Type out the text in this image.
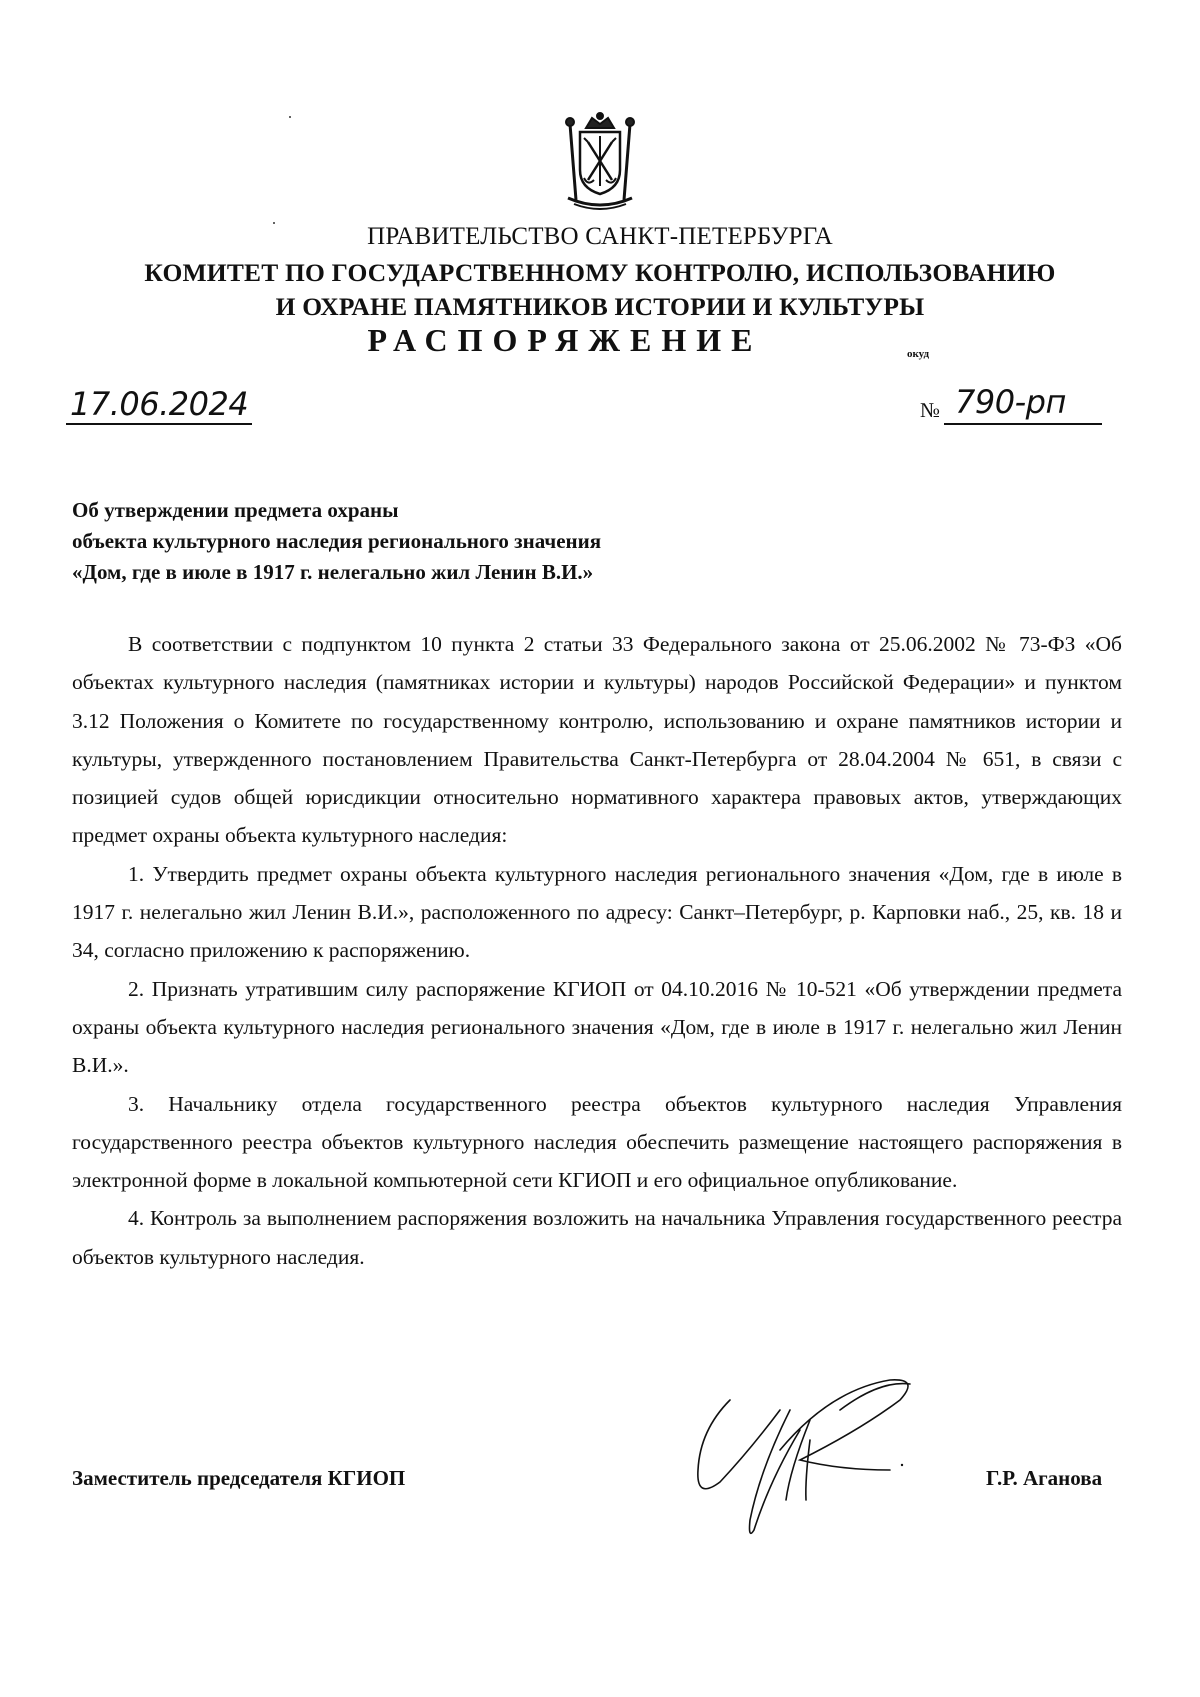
ПРАВИТЕЛЬСТВО САНКТ-ПЕТЕРБУРГА
КОМИТЕТ ПО ГОСУДАРСТВЕННОМУ КОНТРОЛЮ, ИСПОЛЬЗОВАНИЮ
И ОХРАНЕ ПАМЯТНИКОВ ИСТОРИИ И КУЛЬТУРЫ
РАСПОРЯЖЕНИЕ	окуд
17.06.2024	№ 790-рп
Об утверждении предмета охраны
объекта культурного наследия регионального значения
«Дом, где в июле в 1917 г. нелегально жил Ленин В.И.»

В соответствии с подпунктом 10 пункта 2 статьи 33 Федерального закона от 25.06.2002 № 73-ФЗ «Об объектах культурного наследия (памятниках истории и культуры) народов Российской Федерации» и пунктом 3.12 Положения о Комитете по государственному контролю, использованию и охране памятников истории и культуры, утвержденного постановлением Правительства Санкт-Петербурга от 28.04.2004 № 651, в связи с позицией судов общей юрисдикции относительно нормативного характера правовых актов, утверждающих предмет охраны объекта культурного наследия:

1. Утвердить предмет охраны объекта культурного наследия регионального значения «Дом, где в июле в 1917 г. нелегально жил Ленин В.И.», расположенного по адресу: Санкт–Петербург, р. Карповки наб., 25, кв. 18 и 34, согласно приложению к распоряжению.

2. Признать утратившим силу распоряжение КГИОП от 04.10.2016 № 10-521 «Об утверждении предмета охраны объекта культурного наследия регионального значения «Дом, где в июле в 1917 г. нелегально жил Ленин В.И.».

3. Начальнику отдела государственного реестра объектов культурного наследия Управления государственного реестра объектов культурного наследия обеспечить размещение настоящего распоряжения в электронной форме в локальной компьютерной сети КГИОП и его официальное опубликование.

4. Контроль за выполнением распоряжения возложить на начальника Управления государственного реестра объектов культурного наследия.

Заместитель председателя КГИОП	Г.Р. Аганова
